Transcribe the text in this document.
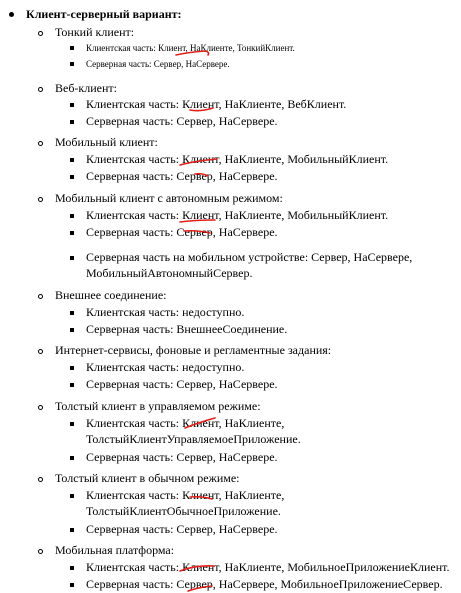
Клиент-серверный вариант:
Тонкий клиент:
Клиентская часть: Клиент, НаКлиенте, ТонкийКлиент.
Серверная часть: Сервер, НаСервере.
Веб-клиент:
Клиентская часть: Клиент, НаКлиенте, ВебКлиент.
Серверная часть: Сервер, НаСервере.
Мобильный клиент:
Клиентская часть: Клиент, НаКлиенте, МобильныйКлиент.
Серверная часть: Сервер, НаСервере.
Мобильный клиент с автономным режимом:
Клиентская часть: Клиент, НаКлиенте, МобильныйКлиент.
Серверная часть: Сервер, НаСервере.
Серверная часть на мобильном устройстве: Сервер, НаСервере,
МобильныйАвтономныйСервер.
Внешнее соединение:
Клиентская часть: недоступно.
Серверная часть: ВнешнееСоединение.
Интернет-сервисы, фоновые и регламентные задания:
Клиентская часть: недоступно.
Серверная часть: Сервер, НаСервере.
Толстый клиент в управляемом режиме:
Клиентская часть: Клиент, НаКлиенте,
ТолстыйКлиентУправляемоеПриложение.
Серверная часть: Сервер, НаСервере.
Толстый клиент в обычном режиме:
Клиентская часть: Клиент, НаКлиенте,
ТолстыйКлиентОбычноеПриложение.
Серверная часть: Сервер, НаСервере.
Мобильная платформа:
Клиентская часть: Клиент, НаКлиенте, МобильноеПриложениеКлиент.
Серверная часть: Сервер, НаСервере, МобильноеПриложениеСервер.
